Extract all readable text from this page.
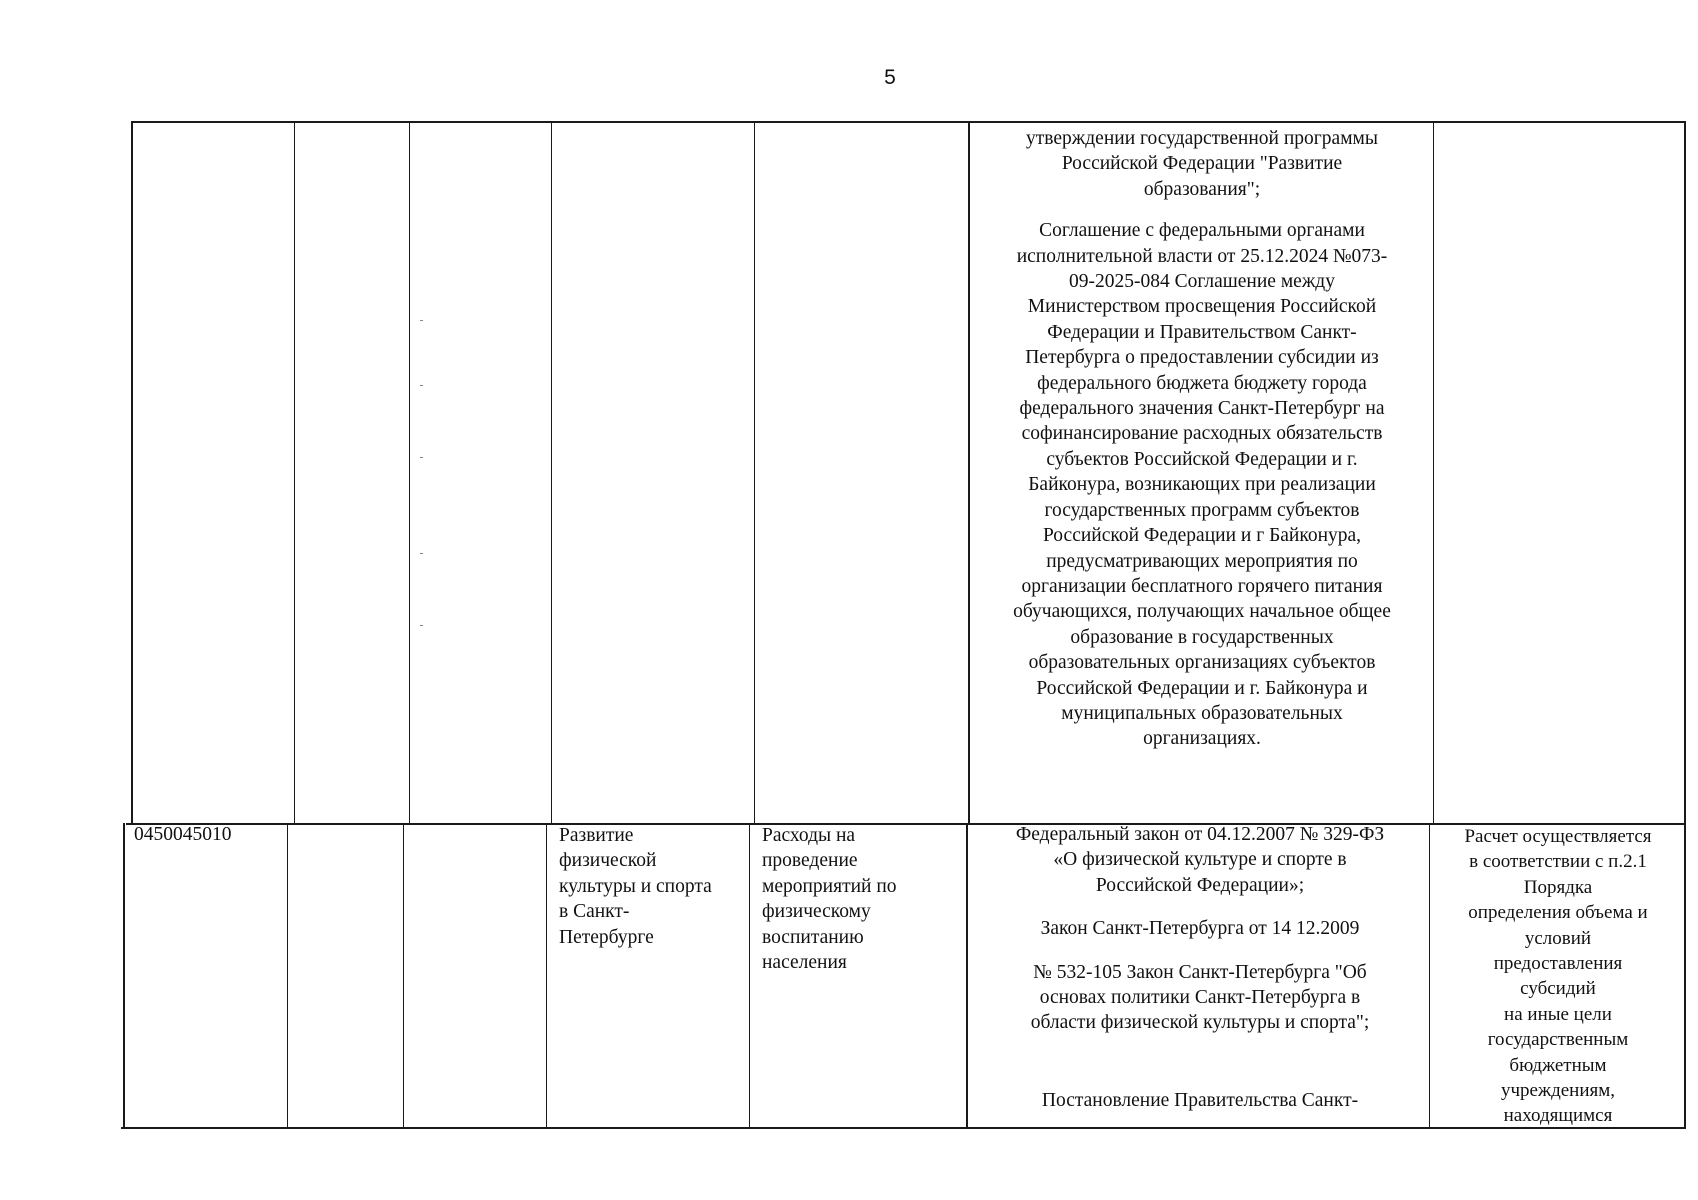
5

утверждении государственной программы
Российской Федерации "Развитие
образования";

Соглашение с федеральными органами
исполнительной власти от 25.12.2024 №073-
09-2025-084 Соглашение между
Министерством просвещения Российской
Федерации и Правительством Санкт-
Петербурга о предоставлении субсидии из
федерального бюджета бюджету города
федерального значения Санкт-Петербург на
софинансирование расходных обязательств
субъектов Российской Федерации и г.
Байконура, возникающих при реализации
государственных программ субъектов
Российской Федерации и г Байконура,
предусматривающих мероприятия по
организации бесплатного горячего питания
обучающихся, получающих начальное общее
образование в государственных
образовательных организациях субъектов
Российской Федерации и г. Байконура и
муниципальных образовательных
организациях.

0450045010	Развитие
физической
культуры и спорта
в Санкт-
Петербурге

Расходы на
проведение
мероприятий по
физическому
воспитанию
населения

Федеральный закон от 04.12.2007 № 329-ФЗ
«О физической культуре и спорте в
Российской Федерации»;

Закон Санкт-Петербурга от 14 12.2009

№ 532-105 Закон Санкт-Петербурга "Об
основах политики Санкт-Петербурга в
области физической культуры и спорта";

Постановление Правительства Санкт-

Расчет осуществляется
в соответствии с п.2.1
Порядка
определения объема и
условий
предоставления
субсидий
на иные цели
государственным
бюджетным
учреждениям,
находящимся
